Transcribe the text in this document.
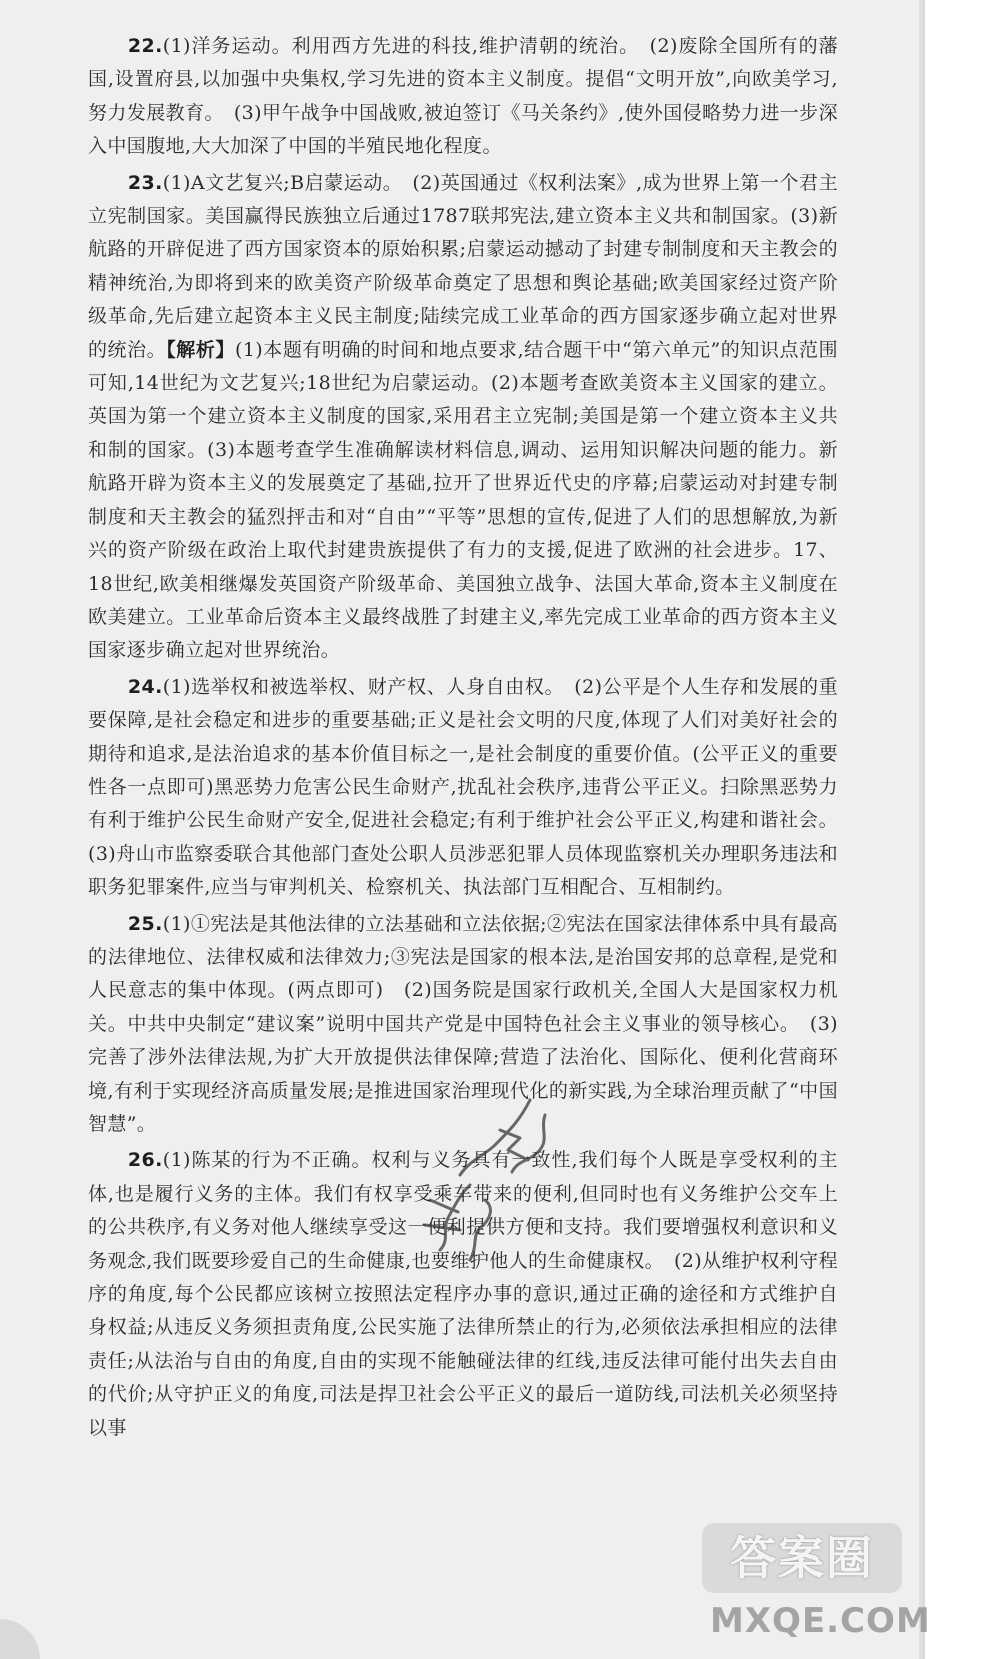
22.(1)洋务运动。利用西方先进的科技,维护清朝的统治。　(2)废除全国所有的藩国,设置府县,以加强中央集权,学习先进的资本主义制度。提倡“文明开放”,向欧美学习,努力发展教育。　(3)甲午战争中国战败,被迫签订《马关条约》,使外国侵略势力进一步深入中国腹地,大大加深了中国的半殖民地化程度。

23.(1)A文艺复兴;B启蒙运动。　(2)英国通过《权利法案》,成为世界上第一个君主立宪制国家。美国赢得民族独立后通过1787联邦宪法,建立资本主义共和制国家。(3)新航路的开辟促进了西方国家资本的原始积累;启蒙运动撼动了封建专制制度和天主教会的精神统治,为即将到来的欧美资产阶级革命奠定了思想和舆论基础;欧美国家经过资产阶级革命,先后建立起资本主义民主制度;陆续完成工业革命的西方国家逐步确立起对世界的统治。【解析】(1)本题有明确的时间和地点要求,结合题干中“第六单元”的知识点范围可知,14世纪为文艺复兴;18世纪为启蒙运动。(2)本题考查欧美资本主义国家的建立。英国为第一个建立资本主义制度的国家,采用君主立宪制;美国是第一个建立资本主义共和制的国家。(3)本题考查学生准确解读材料信息,调动、运用知识解决问题的能力。新航路开辟为资本主义的发展奠定了基础,拉开了世界近代史的序幕;启蒙运动对封建专制制度和天主教会的猛烈抨击和对“自由”“平等”思想的宣传,促进了人们的思想解放,为新兴的资产阶级在政治上取代封建贵族提供了有力的支援,促进了欧洲的社会进步。17、18世纪,欧美相继爆发英国资产阶级革命、美国独立战争、法国大革命,资本主义制度在欧美建立。工业革命后资本主义最终战胜了封建主义,率先完成工业革命的西方资本主义国家逐步确立起对世界统治。

24.(1)选举权和被选举权、财产权、人身自由权。　(2)公平是个人生存和发展的重要保障,是社会稳定和进步的重要基础;正义是社会文明的尺度,体现了人们对美好社会的期待和追求,是法治追求的基本价值目标之一,是社会制度的重要价值。(公平正义的重要性各一点即可)黑恶势力危害公民生命财产,扰乱社会秩序,违背公平正义。扫除黑恶势力有利于维护公民生命财产安全,促进社会稳定;有利于维护社会公平正义,构建和谐社会。(3)舟山市监察委联合其他部门查处公职人员涉恶犯罪人员体现监察机关办理职务违法和职务犯罪案件,应当与审判机关、检察机关、执法部门互相配合、互相制约。

25.(1)①宪法是其他法律的立法基础和立法依据;②宪法在国家法律体系中具有最高的法律地位、法律权威和法律效力;③宪法是国家的根本法,是治国安邦的总章程,是党和人民意志的集中体现。(两点即可)　(2)国务院是国家行政机关,全国人大是国家权力机关。中共中央制定“建议案”说明中国共产党是中国特色社会主义事业的领导核心。　(3)完善了涉外法律法规,为扩大开放提供法律保障;营造了法治化、国际化、便利化营商环境,有利于实现经济高质量发展;是推进国家治理现代化的新实践,为全球治理贡献了“中国智慧”。

26.(1)陈某的行为不正确。权利与义务具有一致性,我们每个人既是享受权利的主体,也是履行义务的主体。我们有权享受乘车带来的便利,但同时也有义务维护公交车上的公共秩序,有义务对他人继续享受这一便利提供方便和支持。我们要增强权利意识和义务观念,我们既要珍爱自己的生命健康,也要维护他人的生命健康权。　(2)从维护权利守程序的角度,每个公民都应该树立按照法定程序办事的意识,通过正确的途径和方式维护自身权益;从违反义务须担责角度,公民实施了法律所禁止的行为,必须依法承担相应的法律责任;从法治与自由的角度,自由的实现不能触碰法律的红线,违反法律可能付出失去自由的代价;从守护正义的角度,司法是捍卫社会公平正义的最后一道防线,司法机关必须坚持以事

答案圈
MXQE.COM
